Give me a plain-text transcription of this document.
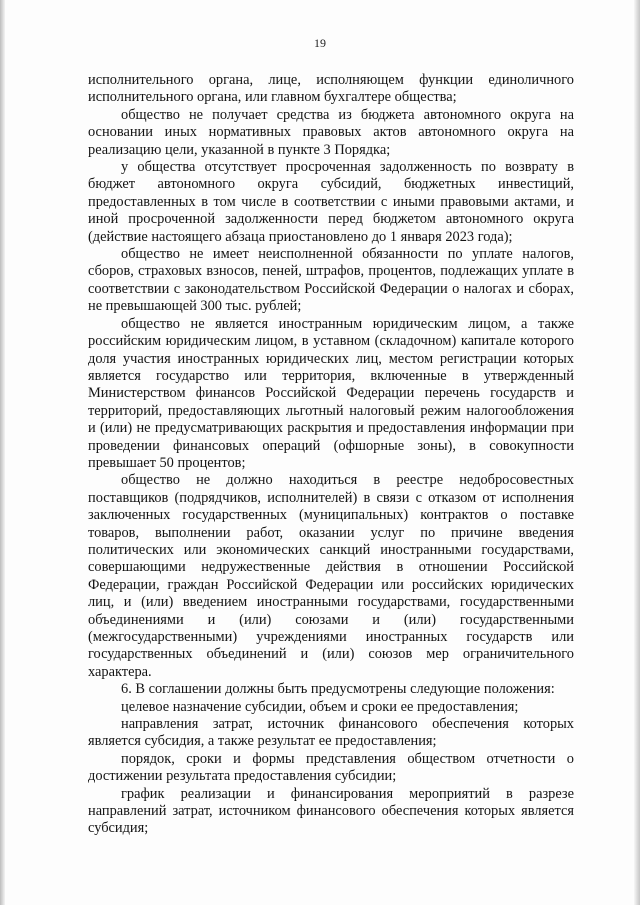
19

исполнительного органа, лице, исполняющем функции единоличного исполнительного органа, или главном бухгалтере общества;

общество не получает средства из бюджета автономного округа на основании иных нормативных правовых актов автономного округа на реализацию цели, указанной в пункте 3 Порядка;

у общества отсутствует просроченная задолженность по возврату в бюджет автономного округа субсидий, бюджетных инвестиций, предоставленных в том числе в соответствии с иными правовыми актами, и иной просроченной задолженности перед бюджетом автономного округа (действие настоящего абзаца приостановлено до 1 января 2023 года);

общество не имеет неисполненной обязанности по уплате налогов, сборов, страховых взносов, пеней, штрафов, процентов, подлежащих уплате в соответствии с законодательством Российской Федерации о налогах и сборах, не превышающей 300 тыс. рублей;

общество не является иностранным юридическим лицом, а также российским юридическим лицом, в уставном (складочном) капитале которого доля участия иностранных юридических лиц, местом регистрации которых является государство или территория, включенные в утвержденный Министерством финансов Российской Федерации перечень государств и территорий, предоставляющих льготный налоговый режим налогообложения и (или) не предусматривающих раскрытия и предоставления информации при проведении финансовых операций (офшорные зоны), в совокупности превышает 50 процентов;

общество не должно находиться в реестре недобросовестных поставщиков (подрядчиков, исполнителей) в связи с отказом от исполнения заключенных государственных (муниципальных) контрактов о поставке товаров, выполнении работ, оказании услуг по причине введения политических или экономических санкций иностранными государствами, совершающими недружественные действия в отношении Российской Федерации, граждан Российской Федерации или российских юридических лиц, и (или) введением иностранными государствами, государственными объединениями и (или) союзами и (или) государственными (межгосударственными) учреждениями иностранных государств или государственных объединений и (или) союзов мер ограничительного характера.

6. В соглашении должны быть предусмотрены следующие положения:

целевое назначение субсидии, объем и сроки ее предоставления;

направления затрат, источник финансового обеспечения которых является субсидия, а также результат ее предоставления;

порядок, сроки и формы представления обществом отчетности о достижении результата предоставления субсидии;

график реализации и финансирования мероприятий в разрезе направлений затрат, источником финансового обеспечения которых является субсидия;
